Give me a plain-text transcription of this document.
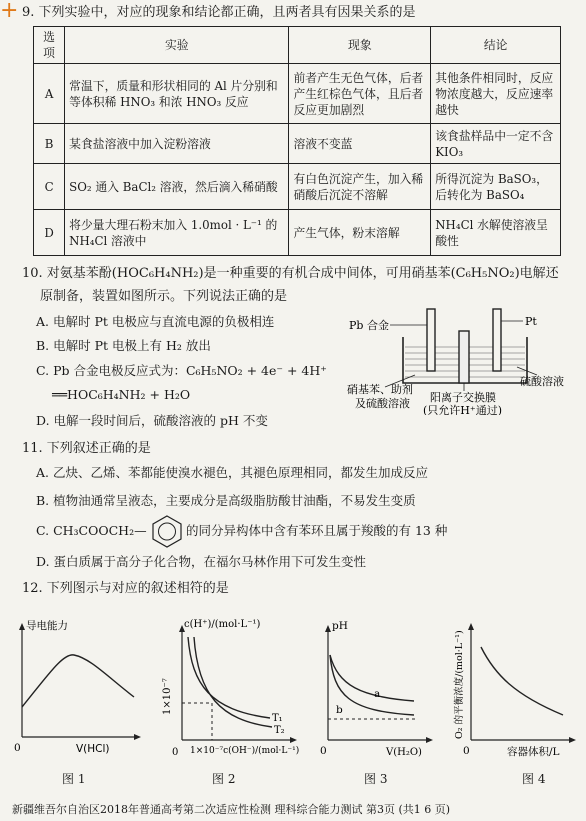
+ 9. 下列实验中，对应的现象和结论都正确，且两者具有因果关系的是
选项	实验	现象	结论
A	常温下，质量和形状相同的 Al 片分别和等体积稀 HNO₃ 和浓 HNO₃ 反应	前者产生无色气体，后者产生红棕色气体，且后者反应更加剧烈	其他条件相同时，反应物浓度越大，反应速率越快
B	某食盐溶液中加入淀粉溶液	溶液不变蓝	该食盐样品中一定不含 KIO₃
C	SO₂ 通入 BaCl₂ 溶液，然后滴入稀硝酸	有白色沉淀产生，加入稀硝酸后沉淀不溶解	所得沉淀为 BaSO₃，后转化为 BaSO₄
D	将少量大理石粉末加入 1.0mol · L⁻¹ 的 NH₄Cl 溶液中	产生气体，粉末溶解	NH₄Cl 水解使溶液呈酸性
10. 对氨基苯酚(HOC₆H₄NH₂)是一种重要的有机合成中间体，可用硝基苯(C₆H₅NO₂)电解还
原制备，装置如图所示。下列说法正确的是
A. 电解时 Pt 电极应与直流电源的负极相连
B. 电解时 Pt 电极上有 H₂ 放出
C. Pb 合金电极反应式为：C₆H₅NO₂ + 4e⁻ + 4H⁺
══HOC₆H₄NH₂ + H₂O
D. 电解一段时间后，硫酸溶液的 pH 不变
Pb 合金	Pt
硫酸溶液
硝基苯、助剂
及硫酸溶液 阳离子交换膜
(只允许H⁺通过)
11. 下列叙述正确的是
A. 乙炔、乙烯、苯都能使溴水褪色，其褪色原理相同，都发生加成反应
B. 植物油通常呈液态，主要成分是高级脂肪酸甘油酯，不易发生变质
C. CH₃COOCH₂—	的同分异构体中含有苯环且属于羧酸的有 13 种
D. 蛋白质属于高分子化合物，在福尔马林作用下可发生变性
12. 下列图示与对应的叙述相符的是
导电能力
0	V(HCl)
图 1
c(H⁺)/(mol·L⁻¹)
1×10⁻⁷
0 1×10⁻⁷c(OH⁻)/(mol·L⁻¹)
T₁
T₂
图 2
pH
a
b
0	V(H₂O)
图 3
O₂ 的平衡浓度/(mol·L⁻¹)
0	容器体积/L
图 4
新疆维吾尔自治区2018年普通高考第二次适应性检测 理科综合能力测试 第3页 (共1 6 页)
